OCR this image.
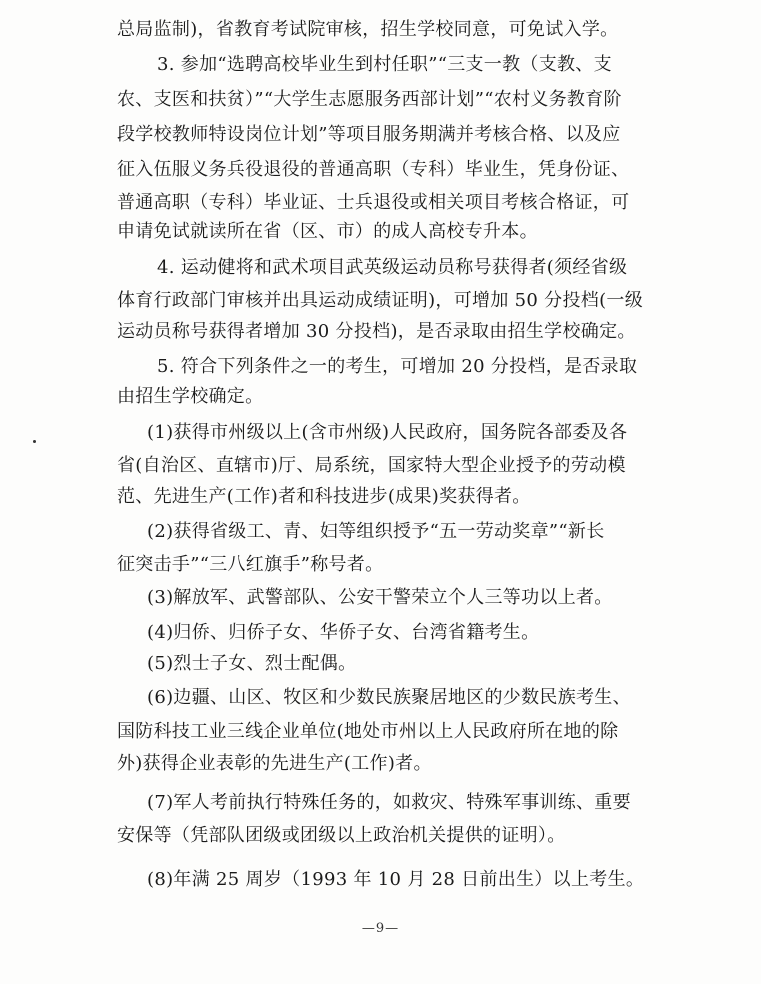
总局监制)，省教育考试院审核，招生学校同意，可免试入学。
3. 参加“选聘高校毕业生到村任职”“三支一教（支教、支
农、支医和扶贫）”“大学生志愿服务西部计划”“农村义务教育阶
段学校教师特设岗位计划”等项目服务期满并考核合格、以及应
征入伍服义务兵役退役的普通高职（专科）毕业生，凭身份证、
普通高职（专科）毕业证、士兵退役或相关项目考核合格证，可
申请免试就读所在省（区、市）的成人高校专升本。
4. 运动健将和武术项目武英级运动员称号获得者(须经省级
体育行政部门审核并出具运动成绩证明)，可增加 50 分投档(一级
运动员称号获得者增加 30 分投档)，是否录取由招生学校确定。
5. 符合下列条件之一的考生，可增加 20 分投档，是否录取
由招生学校确定。
(1)获得市州级以上(含市州级)人民政府，国务院各部委及各
省(自治区、直辖市)厅、局系统，国家特大型企业授予的劳动模
范、先进生产(工作)者和科技进步(成果)奖获得者。
(2)获得省级工、青、妇等组织授予“五一劳动奖章”“新长
征突击手”“三八红旗手”称号者。
(3)解放军、武警部队、公安干警荣立个人三等功以上者。
(4)归侨、归侨子女、华侨子女、台湾省籍考生。
(5)烈士子女、烈士配偶。
(6)边疆、山区、牧区和少数民族聚居地区的少数民族考生、
国防科技工业三线企业单位(地处市州以上人民政府所在地的除
外)获得企业表彰的先进生产(工作)者。
(7)军人考前执行特殊任务的，如救灾、特殊军事训练、重要
安保等（凭部队团级或团级以上政治机关提供的证明）。
(8)年满 25 周岁（1993 年 10 月 28 日前出生）以上考生。
—9—
